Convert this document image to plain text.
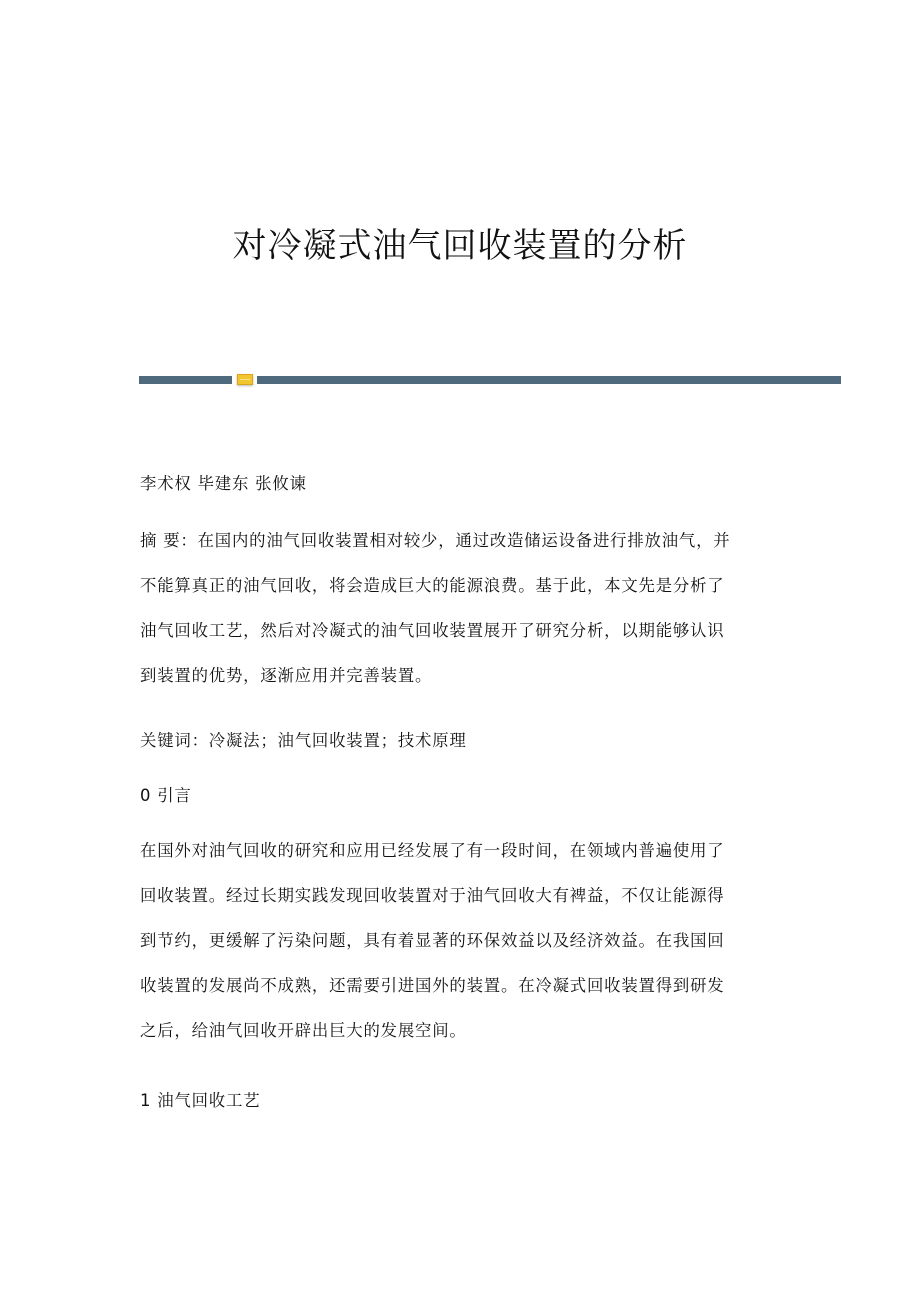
对冷凝式油气回收装置的分析
李术权 毕建东 张攸谏
摘 要：在国内的油气回收装置相对较少，通过改造储运设备进行排放油气，并
不能算真正的油气回收，将会造成巨大的能源浪费。基于此，本文先是分析了
油气回收工艺，然后对冷凝式的油气回收装置展开了研究分析，以期能够认识
到装置的优势，逐渐应用并完善装置。
关键词：冷凝法；油气回收装置；技术原理
0 引言
在国外对油气回收的研究和应用已经发展了有一段时间，在领域内普遍使用了
回收装置。经过长期实践发现回收装置对于油气回收大有裨益，不仅让能源得
到节约，更缓解了污染问题，具有着显著的环保效益以及经济效益。在我国回
收装置的发展尚不成熟，还需要引进国外的装置。在冷凝式回收装置得到研发
之后，给油气回收开辟出巨大的发展空间。
1 油气回收工艺
